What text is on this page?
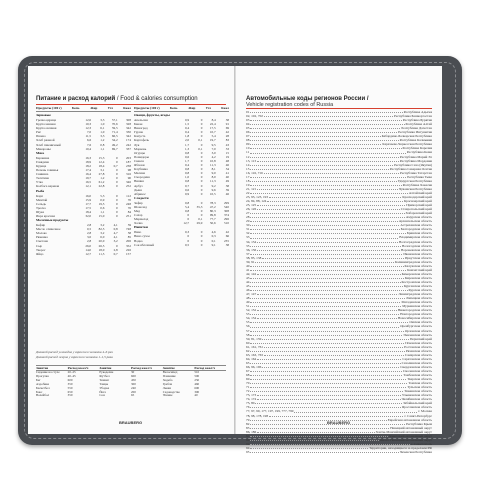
Питание и расход калорий / Food & calories consumption
Продукты (100 г)	Белк.	Жир	Угл	Ккал
Зерновые
Гречка ядрица	12,6	3,3	57,1	308
Крупа манная	10,3	1,0	70,6	328
Крупа овсяная	12,3	6,1	59,5	342
Рис	7,0	1,0	71,4	330
Пшено	11,5	3,3	66,5	342
Хлеб ржаной	6,6	1,2	34,2	174
Хлеб пшеничный	7,6	0,8	49,2	242
Макароны	10,4	1,1	69,7	337
Мясо
Баранина	16,3	15,3	0	203
Говядина	18,9	12,4	0	187
Курица	18,2	18,4	0,7	238
Печень говяжья	17,4	3,1	0	98
Свинина	16,4	27,8	0	316
Телятина	19,7	1,2	0	90
Утка	16,5	61,2	0	346
Колбаса вареная	12,1	22,8	0	252
Рыба
Карп	16,0	5,3	0	112
Минтай	15,9	0,9	0	70
Сельдь	17,7	19,5	0	248
Треска	17,5	0,6	0	76
Щука	18,4	1,1	0	84
Икра красная	32,0	15,0	0	251
Молочные продукты
Кефир	2,8	3,2	4,1	59
Масло сливочное	0,5	82,5	0,8	748
Молоко	2,8	3,2	4,7	58
Ряженка	3,0	6,0	4,1	85
Сметана	2,8	20,0	3,2	206
Сыр	26,0	26,5	0	352
Творог	14,0	18,0	2,8	226
Яйцо	12,7	11,5	0,7	157
Продукты (100 г)	Белк.	Жир	Угл	Ккал
Овощи, фрукты, ягоды
Апельсин	0,9	0	8,4	38
Банан	1,5	0	22,4	91
Виноград	0,4	0	17,5	69
Груша	0,4	0	10,7	42
Капуста	1,8	0	5,4	28
Картофель	2,0	0,1	19,7	83
Лук	1,7	0	9,5	43
Морковь	1,3	0,1	7,0	33
Огурцы	0,8	0	3,0	15
Помидоры	0,6	0	4,2	19
Свекла	1,7	0	10,8	48
Яблоки	0,4	0	11,3	46
Клубника	0,8	0	8,1	34
Малина	0,8	0	9,0	41
Смородина	1,0	0	8,0	40
Вишня	0,8	0	11,3	49
Арбуз	0,7	0	9,2	38
Дыня	0,6	0	9,6	39
Абрикос	0,9	0	10,5	46
Сладости
Зефир	0,8	0	78,3	299
Шоколад	5,4	35,3	47,2	540
Мед	0,8	0	80,3	308
Сахар	0	0	99,8	374
Мармелад	0	0,1	77,7	296
Халва	12,7	29,9	50,6	510
Напитки
Пиво	0,3	0	4,6	42
Вино сухое	0	0	0,3	66
Водка	0	0	0,1	235
Сок яблочный	0,5	0	9,1	38
Дневной расход углеводов у взрослого человека 4–6 раз
Дневной расход жиров у взрослого человека 1–1,5 раза
Занятие	Расход ккал/ч	Занятие	Расход ккал/ч	Занятие	Расход ккал/ч
Сидение на стуле	20–25	Рукоделие	30	Велосипед	510
Прогулка	40–45	Футбол	600	Плавание	500
Бег	600	Теннис	450	Ходьба	250
Аэробика	350	Танцы	300	Гребля	460
Баскетбол	550	Уборка	240	Лыжи	600
Бокс	650	Йога	200	Садоводство	300
Волейбол	350	Сон	65	Чтение	40
BRAUBERG
Автомобильные коды регионов России /
Vehicle registration codes of Russia
01	Республика Адыгея
02, 102, 702	Республика Башкортостан
03	Республика Бурятия
04	Республика Алтай
05	Республика Дагестан
06	Республика Ингушетия
07	Кабардино-Балкарская Республика
08	Республика Калмыкия
09	Карачаево-Черкесская Республика
10	Республика Карелия
11	Республика Коми
12	Республика Марий Эл
13, 113	Республика Мордовия
14	Республика Саха (Якутия)
15	Республика Северная Осетия
16, 116, 716	Республика Татарстан
17	Республика Тыва
18	Удмуртская Республика
19	Республика Хакасия
21, 121	Чувашская Республика
22	Алтайский край
23, 93, 123, 193	Краснодарский край
24, 84, 88, 124	Красноярский край
25, 125	Приморский край
26, 126	Ставропольский край
27	Хабаровский край
28	Амурская область
29	Архангельская область
30	Астраханская область
31	Белгородская область
32	Брянская область
33	Владимирская область
34, 134	Волгоградская область
35	Вологодская область
36, 136	Воронежская область
37	Ивановская область
38, 85, 138	Иркутская область
39, 91	Калининградская область
40	Калужская область
41	Камчатский край
42, 142	Кемеровская область
43	Кировская область
44	Костромская область
45	Курганская область
46	Курская область
47, 147	Ленинградская область
48	Липецкая область
49	Магаданская область
51	Мурманская область
52, 152	Нижегородская область
53	Новгородская область
54, 154	Новосибирская область
55	Омская область
56	Оренбургская область
57	Орловская область
58	Пензенская область
59, 81, 159	Пермский край
60	Псковская область
61, 161, 761	Ростовская область
62	Рязанская область
63, 163, 763	Самарская область
64, 164	Саратовская область
65	Сахалинская область
66, 96, 196	Свердловская область
67	Смоленская область
68	Тамбовская область
69	Тверская область
70	Томская область
71	Тульская область
72	Тюменская область
73, 173	Ульяновская область
74, 174	Челябинская область
75, 80	Забайкальский край
76	Ярославская область
77, 97, 99, 177, 197, 199, 777, 799	г. Москва
78, 98, 178, 198	г. Санкт-Петербург
79	Еврейская автономная область
82	Республика Крым
83	Ненецкий автономный округ
86, 186	Ханты-Мансийский автономный округ
87	Чукотский автономный округ
89	Ямало-Ненецкий автономный округ
92	г. Севастополь
94	Территории, находящиеся за пределами РФ
95	Чеченская Республика
BRAUBERG
